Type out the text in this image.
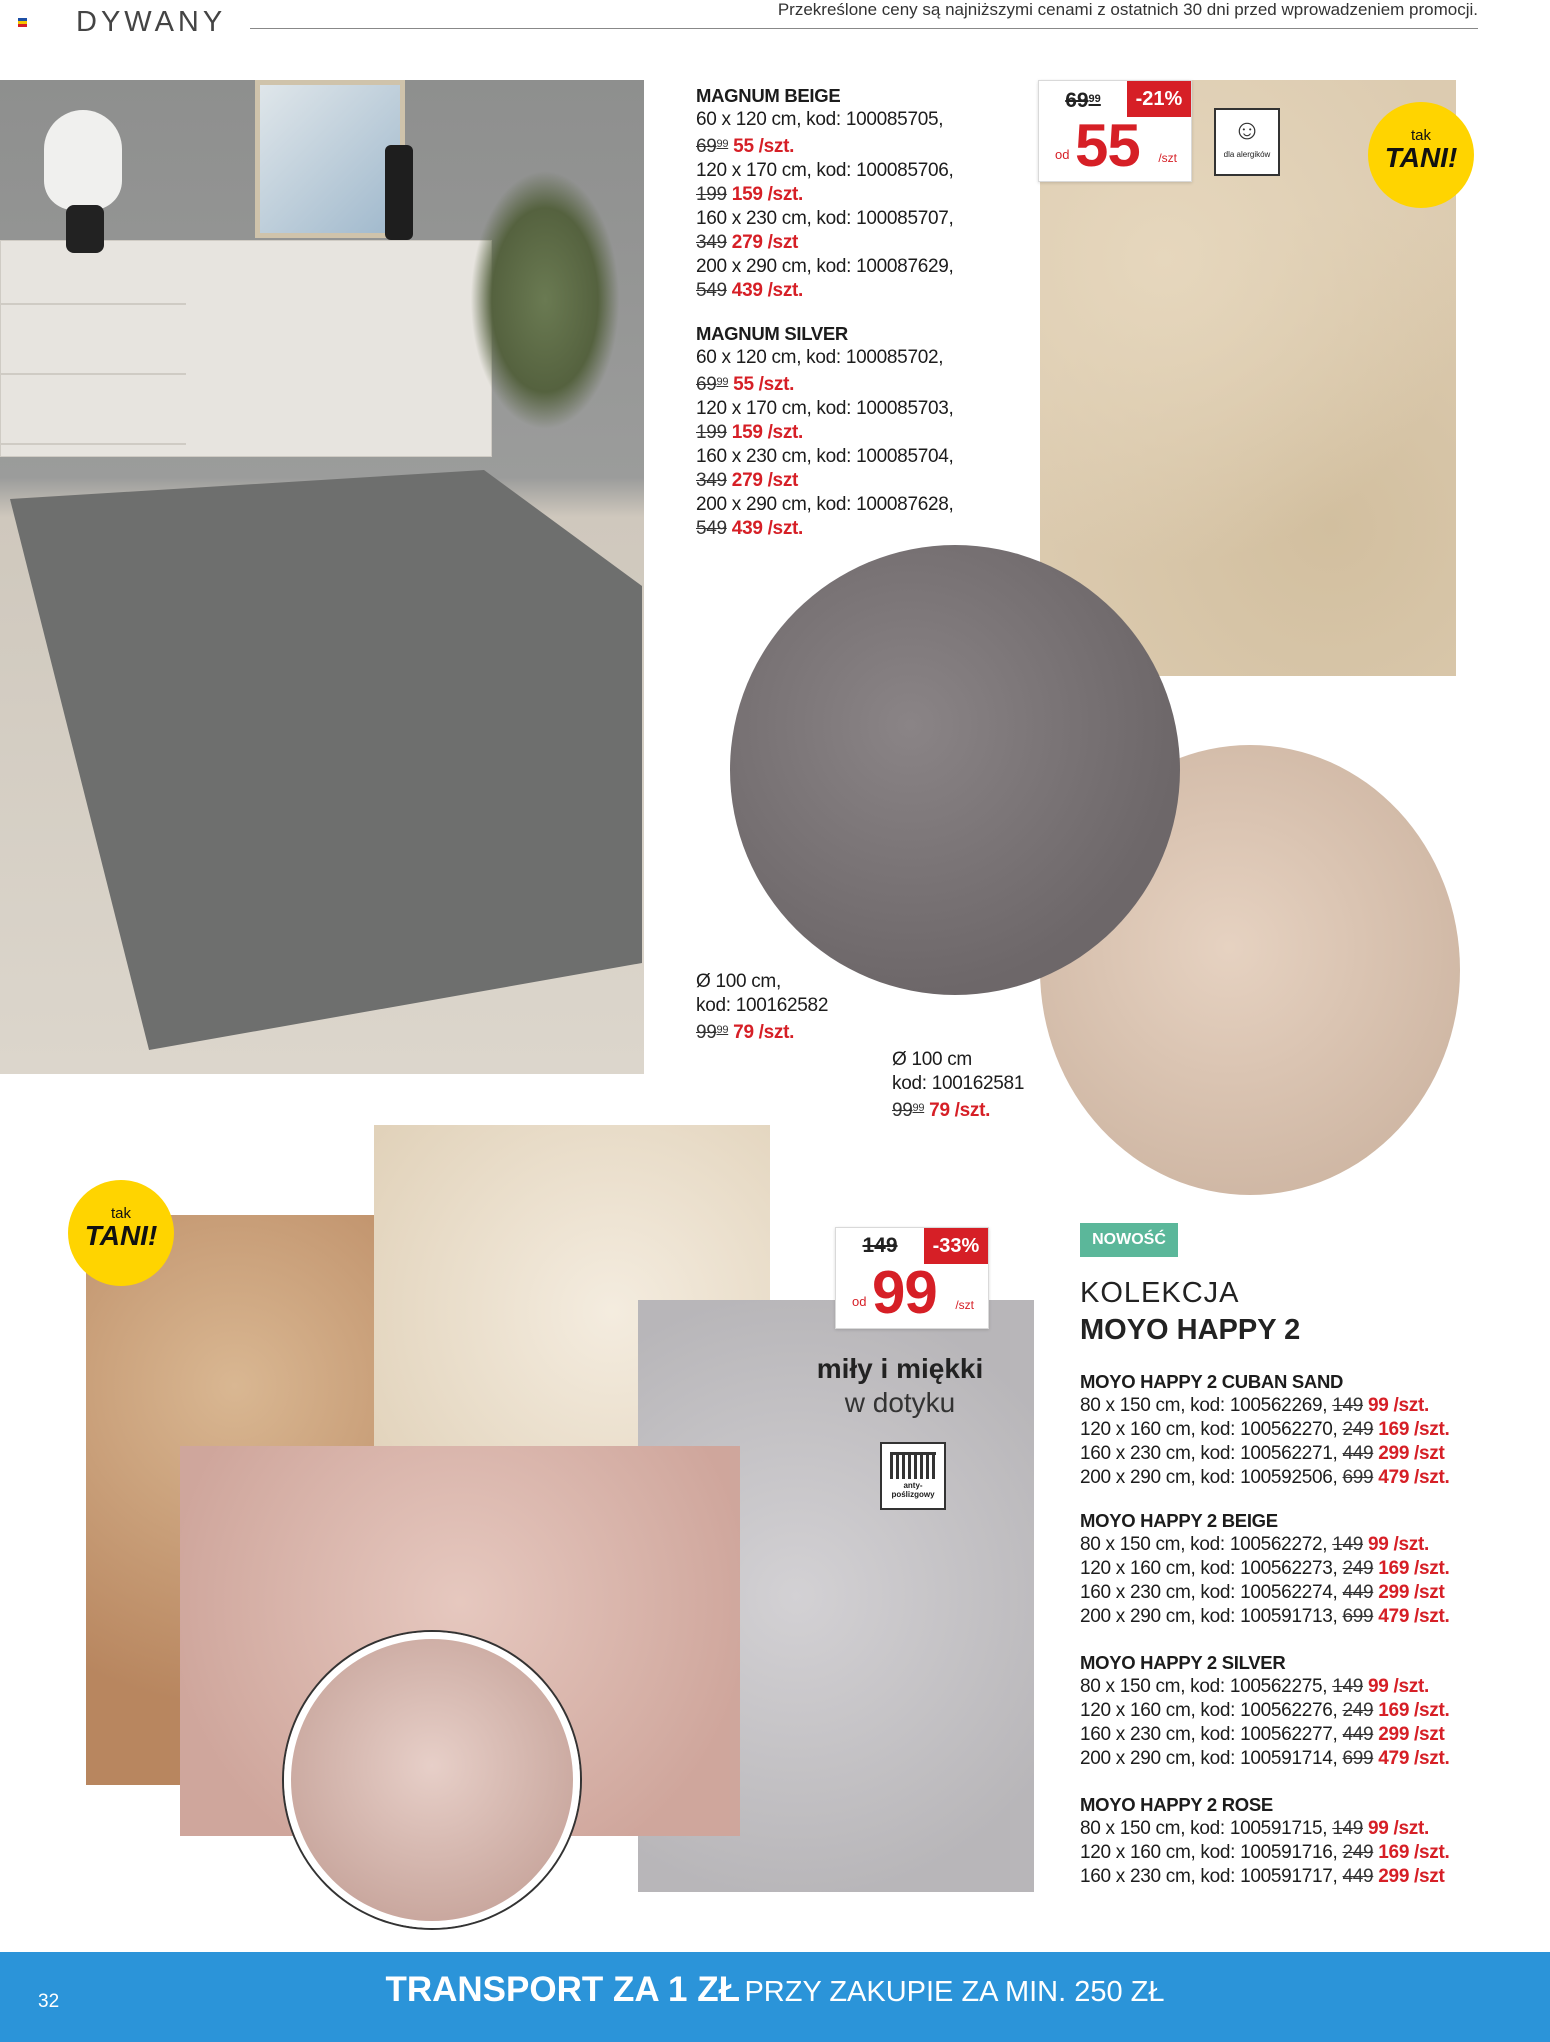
DYWANY	Przekreślone ceny są najniższymi cenami z ostatnich 30 dni przed wprowadzeniem promocji.
MAGNUM BEIGE
60 x 120 cm, kod: 100085705,
$69^{99}$ 55 /szt.
120 x 170 cm, kod: 100085706,
199 159 /szt.
160 x 230 cm, kod: 100085707,
349 279 /szt
200 x 290 cm, kod: 100087629,
549 439 /szt.
MAGNUM SILVER
60 x 120 cm, kod: 100085702,
$69^{99}$ 55 /szt.
120 x 170 cm, kod: 100085703,
199 159 /szt.
160 x 230 cm, kod: 100085704,
349 279 /szt
200 x 290 cm, kod: 100087628,
549 439 /szt.
$69^{99}$	-21%
od 55 /szt
☺
dla alergików
tak
TANI!
Ø 100 cm,
kod: 100162582
$99^{99}$ 79 /szt.
Ø 100 cm
kod: 100162581
$99^{99}$ 79 /szt.
tak
TANI!	149	-33%
od 99 /szt
miły i miękki
w dotyku
anty-
poślizgowy
NOWOŚĆ
KOLEKCJA
MOYO HAPPY 2
MOYO HAPPY 2 CUBAN SAND
80 x 150 cm, kod: 100562269, 149 99 /szt.
120 x 160 cm, kod: 100562270, 249 169 /szt.
160 x 230 cm, kod: 100562271, 449 299 /szt
200 x 290 cm, kod: 100592506, 699 479 /szt.
MOYO HAPPY 2 BEIGE
80 x 150 cm, kod: 100562272, 149 99 /szt.
120 x 160 cm, kod: 100562273, 249 169 /szt.
160 x 230 cm, kod: 100562274, 449 299 /szt
200 x 290 cm, kod: 100591713, 699 479 /szt.
MOYO HAPPY 2 SILVER
80 x 150 cm, kod: 100562275, 149 99 /szt.
120 x 160 cm, kod: 100562276, 249 169 /szt.
160 x 230 cm, kod: 100562277, 449 299 /szt
200 x 290 cm, kod: 100591714, 699 479 /szt.
MOYO HAPPY 2 ROSE
80 x 150 cm, kod: 100591715, 149 99 /szt.
120 x 160 cm, kod: 100591716, 249 169 /szt.
160 x 230 cm, kod: 100591717, 449 299 /szt
32	TRANSPORT ZA 1 ZŁ PRZY ZAKUPIE ZA MIN. 250 ZŁ
